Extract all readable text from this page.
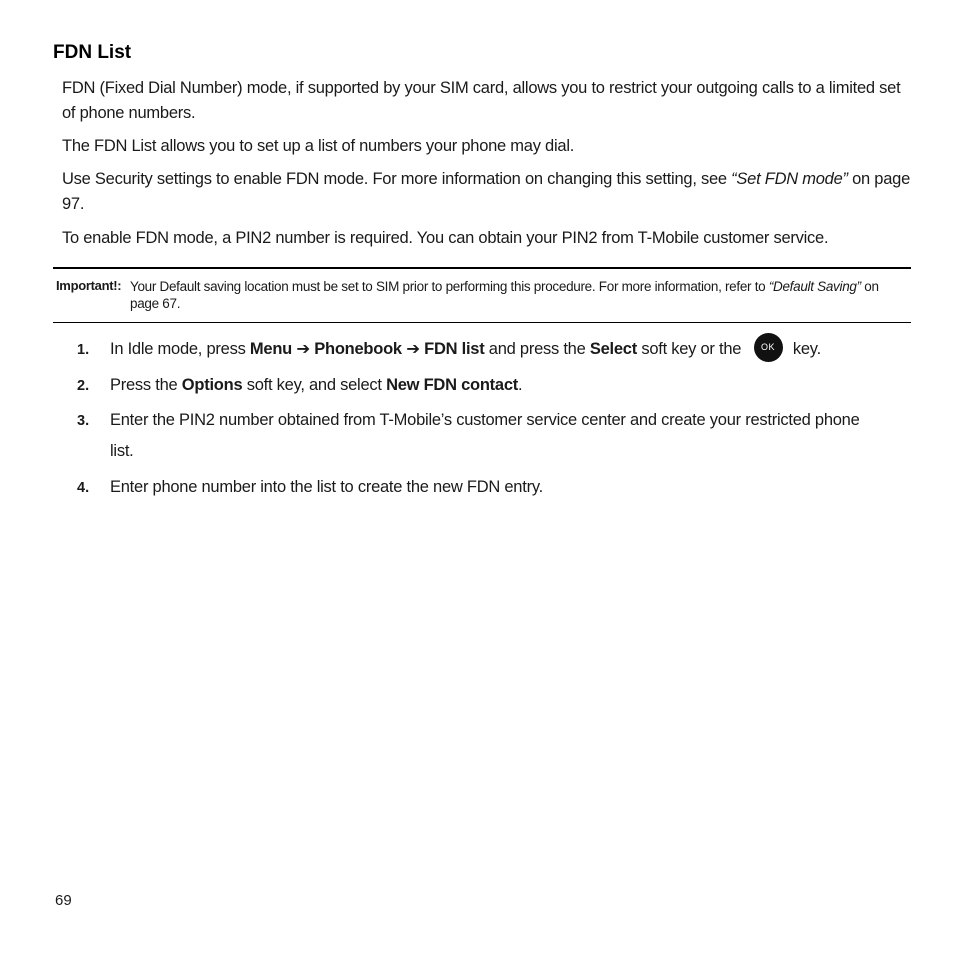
FDN List

FDN (Fixed Dial Number) mode, if supported by your SIM card, allows you to restrict your outgoing calls to a limited set of phone numbers.

The FDN List allows you to set up a list of numbers your phone may dial.

Use Security settings to enable FDN mode. For more information on changing this setting, see “Set FDN mode” on page 97.

To enable FDN mode, a PIN2 number is required. You can obtain your PIN2 from T-Mobile customer service.

Important!: Your Default saving location must be set to SIM prior to performing this procedure. For more information, refer to “Default Saving” on page 67.
1. In Idle mode, press Menu ➔ Phonebook ➔ FDN list and press the Select soft key or the OK key.
2. Press the Options soft key, and select New FDN contact.
3. Enter the PIN2 number obtained from T-Mobile’s customer service center and create your restricted phone list.
4. Enter phone number into the list to create the new FDN entry.
69
